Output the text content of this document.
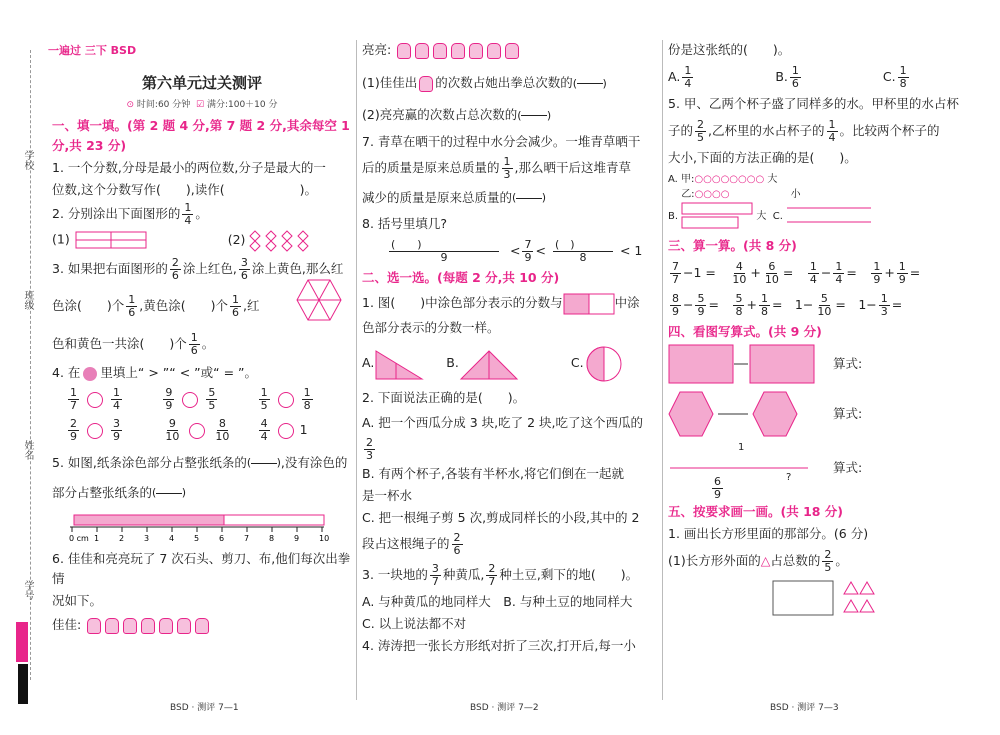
学校
班级
姓名
学号
一遍过 三下 BSD
第六单元过关测评
⊙ 时间:60 分钟 ☑ 满分:100＋10 分

一、填一填。(第 2 题 4 分,第 7 题 2 分,其余每空 1 分,共 23 分)

1. 一个分数,分母是最小的两位数,分子是最大的一

位数,这个分数写作(　　),读作(　　　　　　)。

2. 分别涂出下面图形的 $\frac{1}{4}$ 。

(1)	(2)

3. 如果把右面图形的 $\frac{2}{6}$ 涂上红色, $\frac{3}{6}$ 涂上黄色,那么红

色涂(　　)个 $\frac{1}{6}$ ,黄色涂(　　)个 $\frac{1}{6}$ ,红

色和黄色一共涂(　　)个 $\frac{1}{6}$ 。

4. 在 里填上“ > ”“ < ”或“ = ”。

$\frac{1}{7}$	$\frac{1}{4}$	$\frac{9}{9}$	$\frac{5}{5}$	$\frac{1}{5}$	$\frac{1}{8}$
$\frac{2}{9}$	$\frac{3}{9}$	$\frac{9}{10}$	$\frac{8}{10} \frac{4}{4} 1$

5. 如图,纸条涂色部分占整张纸条的(
)	,没有涂色的

部分占整张纸条的(
)

0 cm 1 2 3 4 5 6 7 8 9 10

6. 佳佳和亮亮玩了 7 次石头、剪刀、布,他们每次出拳情

况如下。

佳佳:

亮亮:

(1)佳佳出 的次数占她出拳总次数的(
)

(2)亮亮赢的次数占总次数的(
)

7. 青草在晒干的过程中水分会减少。一堆青草晒干

后的质量是原来总质量的 $\frac{1}{3}$ ,那么晒干后这堆青草

减少的质量是原来总质量的(
)

8. 括号里填几?

$\frac{( )}{9} < \frac{7}{9} < \frac{( )}{8} < 1$

二、选一选。(每题 2 分,共 10 分)

1. 图(　　)中涂色部分表示的分数与	中涂

色部分表示的分数一样。

A.	B.	C.

2. 下面说法正确的是(　　)。

A. 把一个西瓜分成 3 块,吃了 2 块,吃了这个西瓜的
$\frac{2}{3}$

B. 有两个杯子,各装有半杯水,将它们倒在一起就

是一杯水

C. 把一根绳子剪 5 次,剪成同样长的小段,其中的 2

段占这根绳子的 $\frac{2}{6}$

3. 一块地的 $\frac{3}{7}$ 种黄瓜, $\frac{2}{7}$ 种土豆,剩下的地(　　)。

A. 与种黄瓜的地同样大　 B. 与种土豆的地同样大

C. 以上说法都不对

4. 涛涛把一张长方形纸对折了三次,打开后,每一小

份是这张纸的(　　)。

A. $\frac{1}{4}$	B. $\frac{1}{6}$	C. $\frac{1}{8}$

5. 甲、乙两个杯子盛了同样多的水。甲杯里的水占杯

子的 $\frac{2}{5}$ ,乙杯里的水占杯子的 $\frac{1}{4}$ 。比较两个杯子的

大小,下面的方法正确的是(　　)。

A. 甲:○○○○○○○○ 大
　 乙:○○○○	小
B.	大  C.

三、算一算。(共 8 分)

$\frac{7}{7} -1$ =　 $\frac{4}{10} + \frac{6}{10}$ =　 $\frac{1}{4} - \frac{1}{4}$ =　 $\frac{1}{9} + \frac{1}{9}$ =

$\frac{8}{9} - \frac{5}{9}$ =　 $\frac{5}{8} + \frac{1}{8}$ =　$1- \frac{5}{10}$ =　$1- \frac{1}{3}$ =

四、看图写算式。(共 9 分)

算式:
算式:
1
$\frac{6}{9}$	?
算式:

五、按要求画一画。(共 18 分)

1. 画出长方形里面的那部分。(6 分)

(1)长方形外面的△占总数的 $\frac{2}{5}$ 。

BSD · 测评 7—1	BSD · 测评 7—2	BSD · 测评 7—3
